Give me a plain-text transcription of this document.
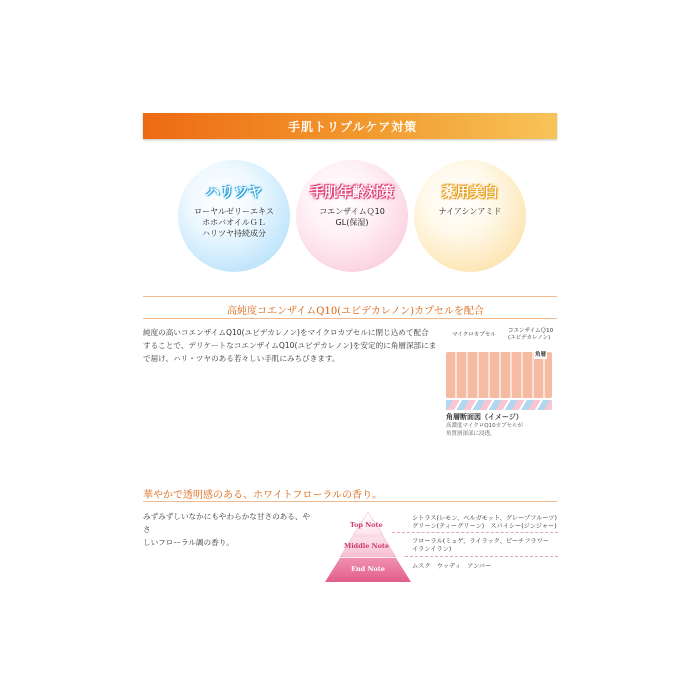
手肌トリプルケア対策
ハリツヤ
ローヤルゼリーエキス
ホホバオイルＧＬ
ハリツヤ持続成分
手肌年齢対策
コエンザイムＱ10
GL(保湿)
薬用美白
ナイアシンアミド
高純度コエンザイムQ10(ユビデカレノン)カプセルを配合
純度の高いコエンザイムQ10(ユビデカレノン)をマイクロカプセルに閉じ込めて配合
することで、デリケートなコエンザイムQ10(ユビデカレノン)を安定的に角層深部にま
で届け、ハリ・ツヤのある若々しい手肌にみちびきます。
マイクロカプセル
コエンザイムＱ10
(ユビデカレノン)
角層
角層断面図（イメージ）
高濃度マイクロQ10カプセルが
角質層深部に浸透。
華やかで透明感のある、ホワイトフローラルの香り。
みずみずしいなかにもやわらかな甘さのある、やさ
しいフローラル調の香り。
Top Note
Middle Note
End Note
シトラス(レモン、ベルガモット、グレープフルーツ)
グリーン(ティーグリーン)　スパイシー(ジンジャー)
フローラル(ミュゲ、ライラック、ピーチフラワー
イランイラン)
ムスク　ウッディ　アンバー
